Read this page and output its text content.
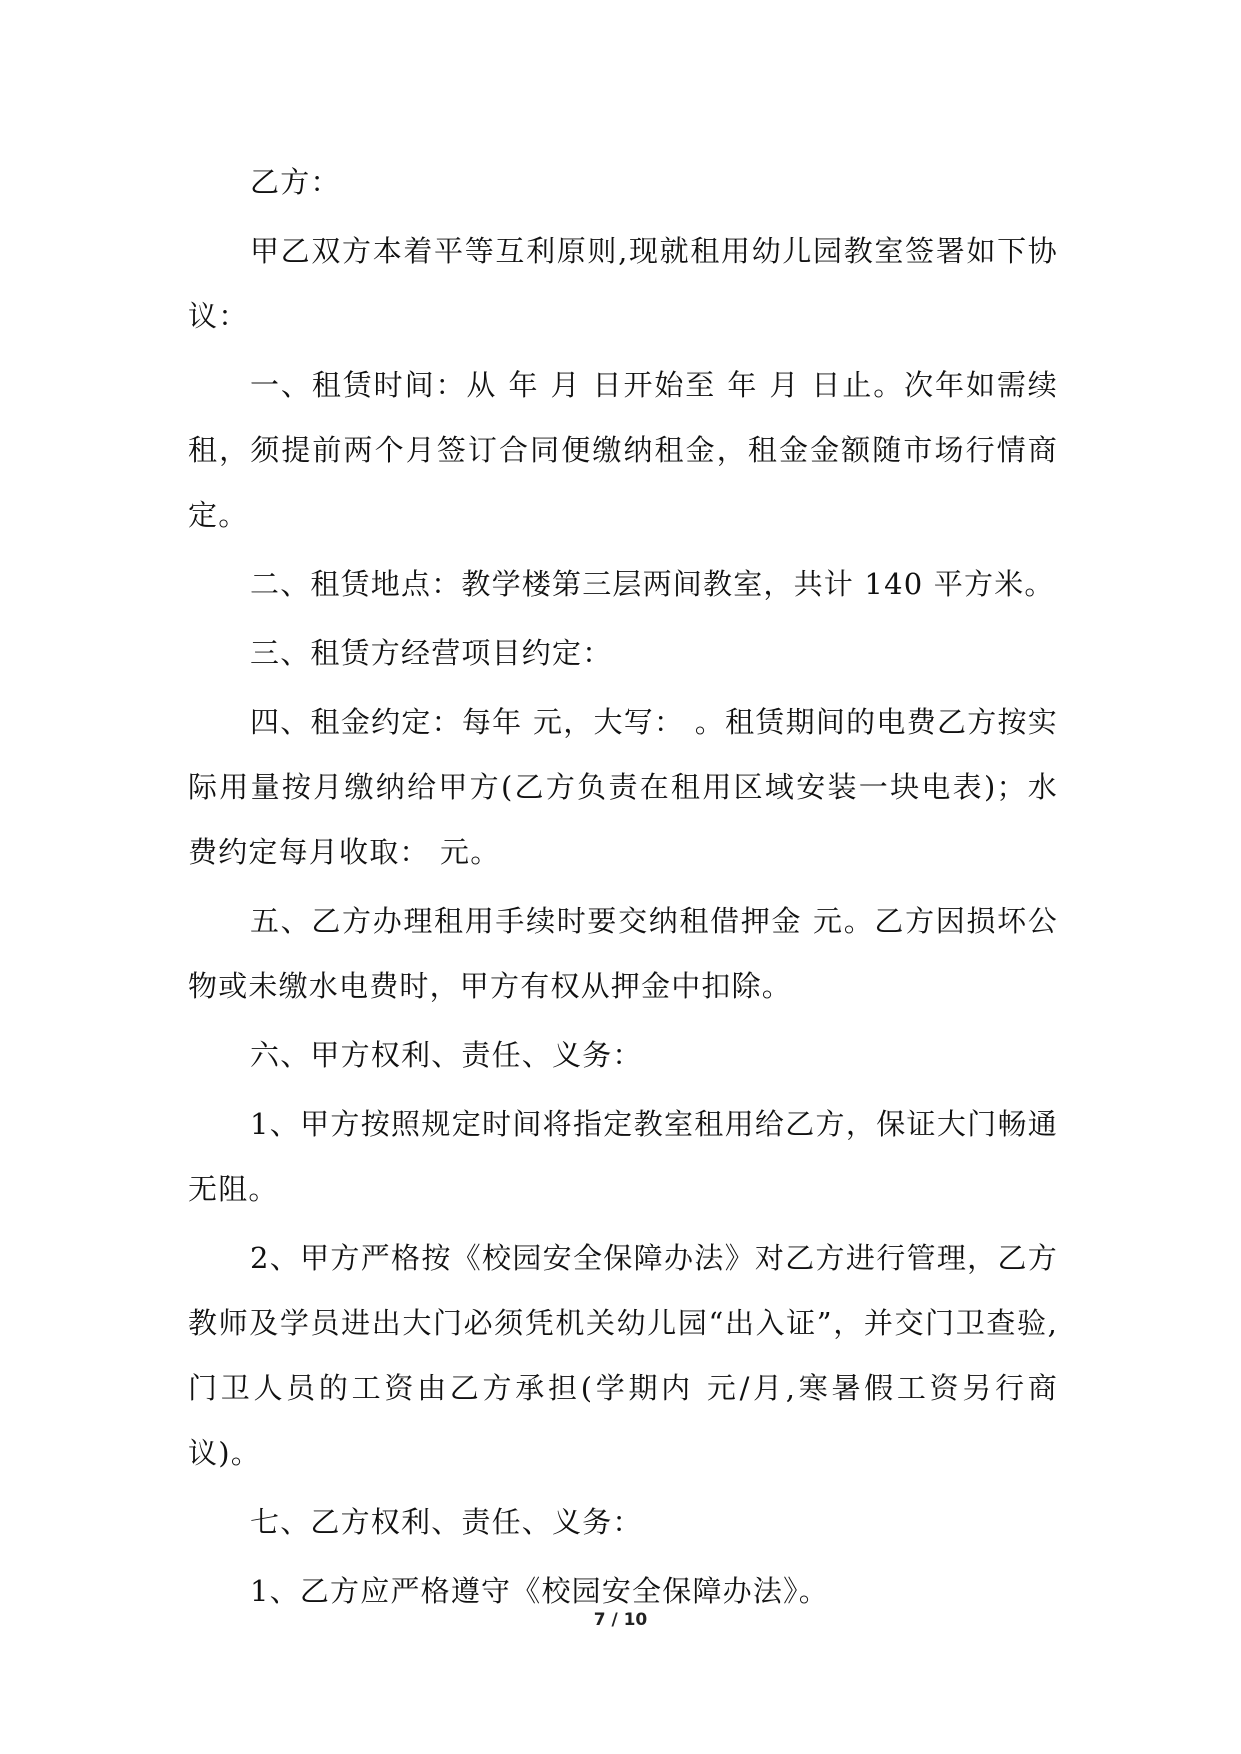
乙方：

甲乙双方本着平等互利原则,现就租用幼儿园教室签署如下协议：

一、租赁时间：从 年 月 日开始至 年 月 日止。次年如需续租，须提前两个月签订合同便缴纳租金，租金金额随市场行情商定。

二、租赁地点：教学楼第三层两间教室，共计 140 平方米。

三、租赁方经营项目约定：

四、租金约定：每年 元，大写： 。租赁期间的电费乙方按实际用量按月缴纳给甲方(乙方负责在租用区域安装一块电表)；水费约定每月收取： 元。

五、乙方办理租用手续时要交纳租借押金 元。乙方因损坏公物或未缴水电费时，甲方有权从押金中扣除。

六、甲方权利、责任、义务：

1、甲方按照规定时间将指定教室租用给乙方，保证大门畅通无阻。

2、甲方严格按《校园安全保障办法》对乙方进行管理，乙方教师及学员进出大门必须凭机关幼儿园“出入证”，并交门卫查验,门卫人员的工资由乙方承担(学期内 元/月,寒暑假工资另行商议)。

七、乙方权利、责任、义务：

1、乙方应严格遵守《校园安全保障办法》。

7 / 10
